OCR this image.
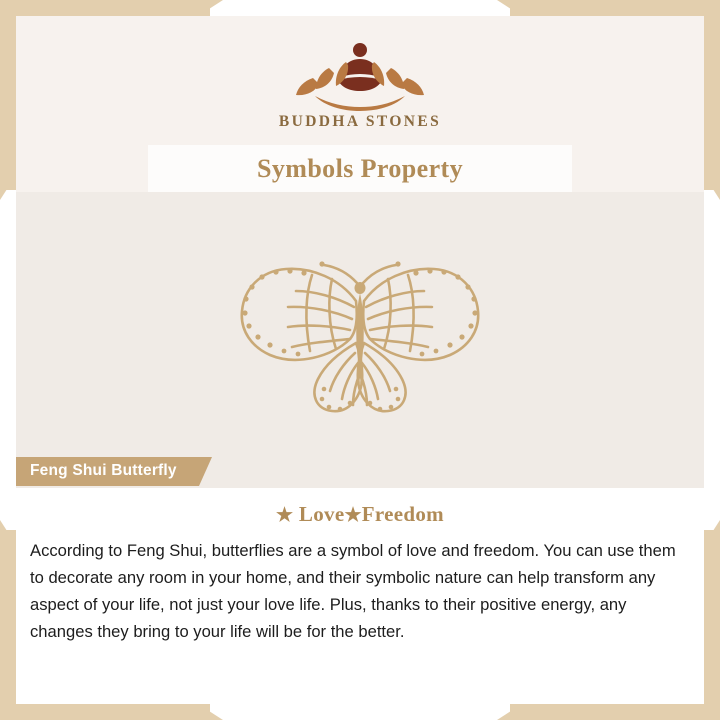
BUDDHA STONES
Symbols Property
Feng Shui Butterfly
★ Love★Freedom
According to Feng Shui, butterflies are a symbol of love and freedom. You can use them to decorate any room in your home, and their symbolic nature can help transform any aspect of your life, not just your love life. Plus, thanks to their positive energy, any changes they bring to your life will be for the better.
